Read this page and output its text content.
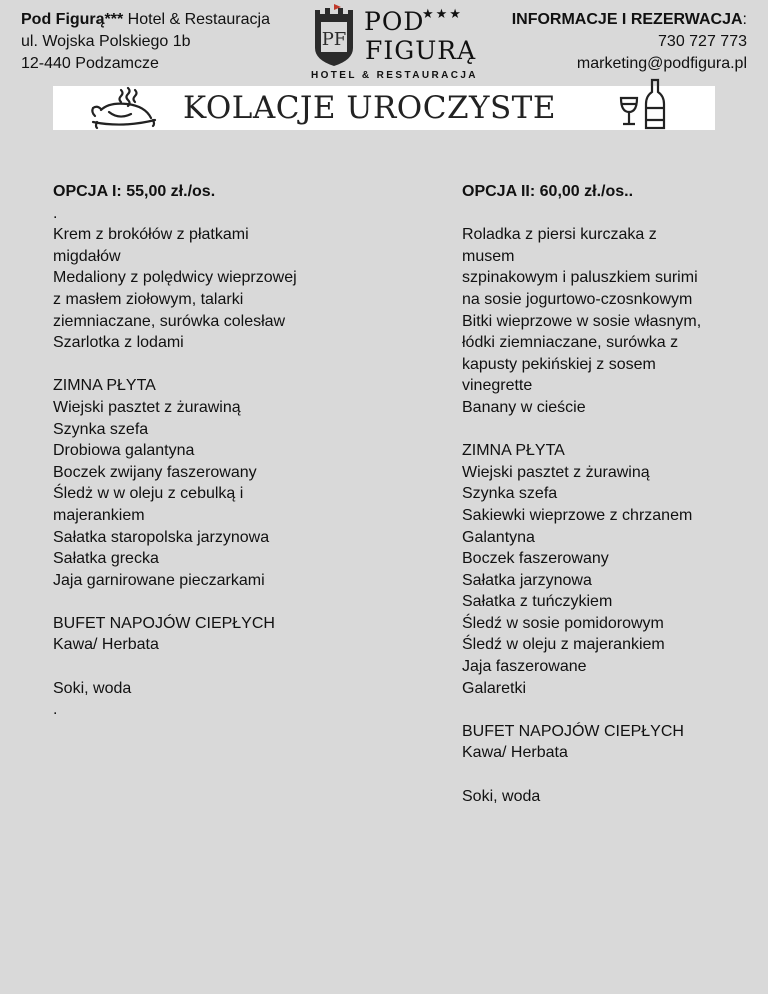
Pod Figurą*** Hotel & Restauracja
ul. Wojska Polskiego 1b
12-440 Podzamcze
PF
POD
★★★
FIGURĄ
HOTEL & RESTAURACJA
INFORMACJE I REZERWACJA:
730 727 773
marketing@podfigura.pl
KOLACJE UROCZYSTE
OPCJA I: 55,00 zł./os.
.
Krem z brokółów z płatkami
migdałów
Medaliony z polędwicy wieprzowej
z masłem ziołowym, talarki
ziemniaczane, surówka colesław
Szarlotka z lodami
ZIMNA PŁYTA
Wiejski pasztet z żurawiną
Szynka szefa
Drobiowa galantyna
Boczek zwijany faszerowany
Śledż w w oleju z cebulką i
majerankiem
Sałatka staropolska jarzynowa
Sałatka grecka
Jaja garnirowane pieczarkami
BUFET NAPOJÓW CIEPŁYCH
Kawa/ Herbata
Soki, woda
.
OPCJA II: 60,00 zł./os..
Roladka z piersi kurczaka z
musem
szpinakowym i paluszkiem surimi
na sosie jogurtowo-czosnkowym
Bitki wieprzowe w sosie własnym,
łódki ziemniaczane, surówka z
kapusty pekińskiej z sosem
vinegrette
Banany w cieście
ZIMNA PŁYTA
Wiejski pasztet z żurawiną
Szynka szefa
Sakiewki wieprzowe z chrzanem
Galantyna
Boczek faszerowany
Sałatka jarzynowa
Sałatka z tuńczykiem
Śledź w sosie pomidorowym
Śledź w oleju z majerankiem
Jaja faszerowane
Galaretki
BUFET NAPOJÓW CIEPŁYCH
Kawa/ Herbata
Soki, woda
